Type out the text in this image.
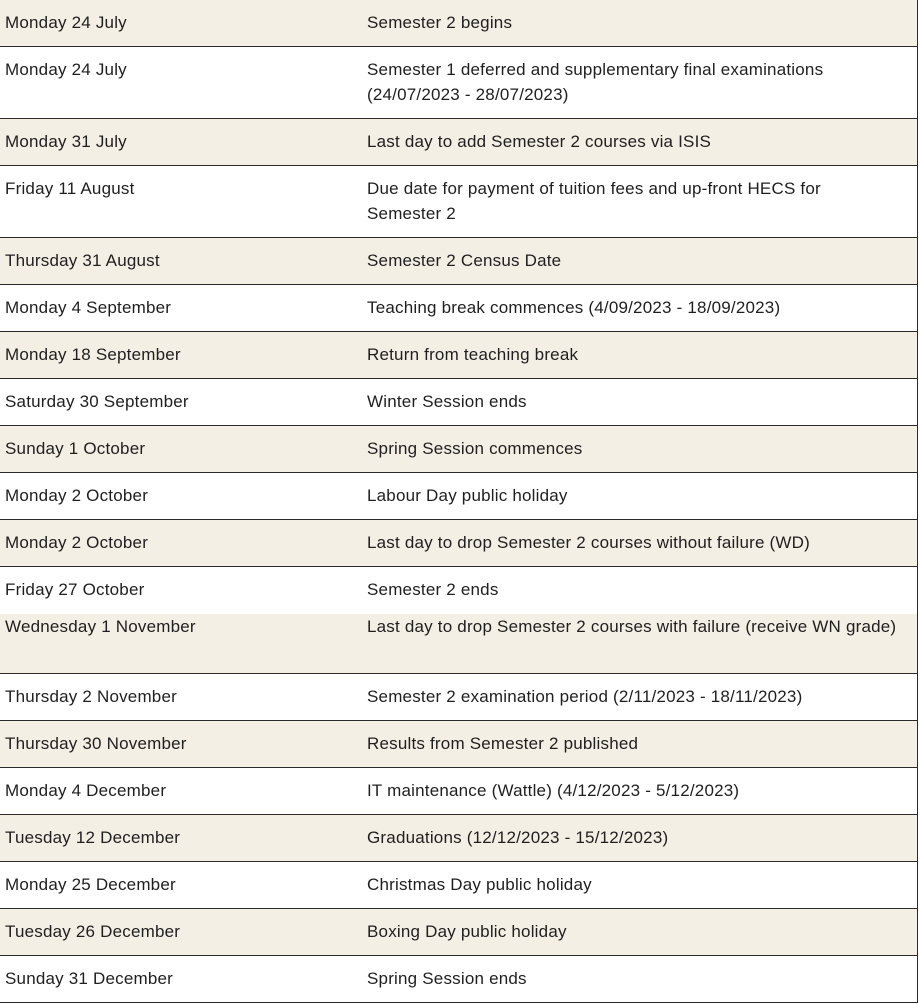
Monday 24 July	Semester 2 begins
Monday 24 July	Semester 1 deferred and supplementary final examinations (24/07/2023 - 28/07/2023)
Monday 31 July	Last day to add Semester 2 courses via ISIS
Friday 11 August	Due date for payment of tuition fees and up-front HECS for Semester 2
Thursday 31 August	Semester 2 Census Date
Monday 4 September	Teaching break commences (4/09/2023 - 18/09/2023)
Monday 18 September	Return from teaching break
Saturday 30 September	Winter Session ends
Sunday 1 October	Spring Session commences
Monday 2 October	Labour Day public holiday
Monday 2 October	Last day to drop Semester 2 courses without failure (WD)
Friday 27 October	Semester 2 ends
Wednesday 1 November	Last day to drop Semester 2 courses with failure (receive WN grade)
Thursday 2 November	Semester 2 examination period (2/11/2023 - 18/11/2023)
Thursday 30 November	Results from Semester 2 published
Monday 4 December	IT maintenance (Wattle) (4/12/2023 - 5/12/2023)
Tuesday 12 December	Graduations (12/12/2023 - 15/12/2023)
Monday 25 December	Christmas Day public holiday
Tuesday 26 December	Boxing Day public holiday
Sunday 31 December	Spring Session ends
